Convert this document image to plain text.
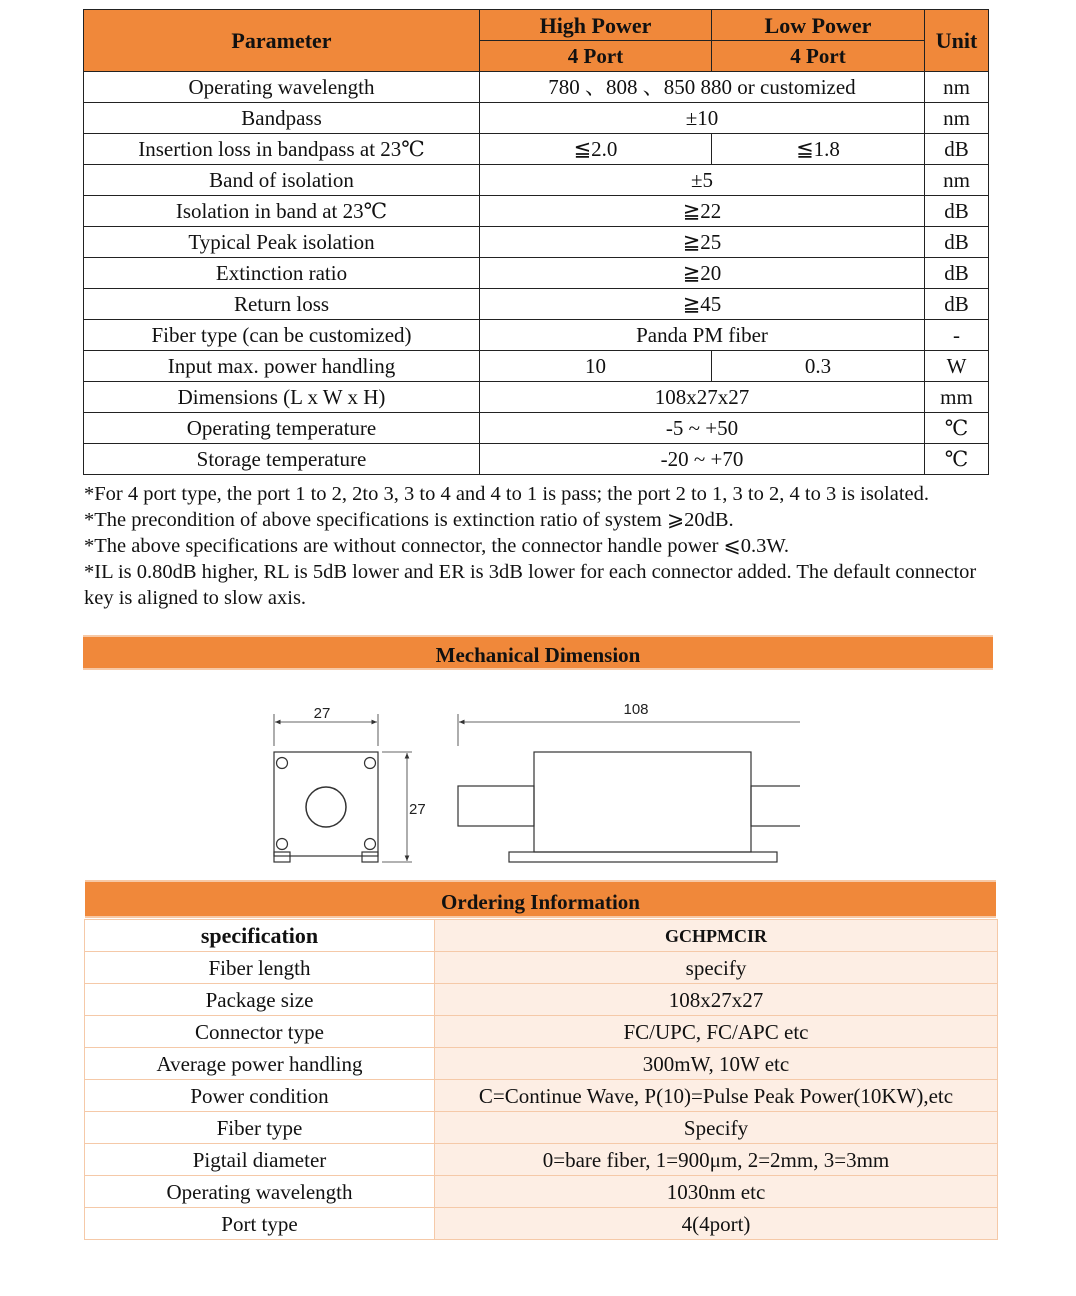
Parameter	High Power	Low Power	Unit
	4 Port	4 Port	
Operating wavelength	780 、808 、850 880 or customized		nm
Bandpass	±10		nm
Insertion loss in bandpass at 23℃	≦2.0	≦1.8	dB
Band of isolation	±5		nm
Isolation in band at 23℃	≧22		dB
Typical Peak isolation	≧25		dB
Extinction ratio	≧20		dB
Return loss	≧45		dB
Fiber type (can be customized)	Panda PM fiber		-
Input max. power handling	10	0.3	W
Dimensions (L x W x H)	108x27x27		mm
Operating temperature	-5 ~ +50		℃
Storage temperature	-20 ~ +70		℃

*For 4 port type, the port 1 to 2, 2to 3, 3 to 4 and 4 to 1 is pass; the port 2 to 1, 3 to 2, 4 to 3 is isolated.

*The precondition of above specifications is extinction ratio of system ⩾20dB.

*The above specifications are without connector, the connector handle power ⩽0.3W.

*IL is 0.80dB higher, RL is 5dB lower and ER is 3dB lower for each connector added. The default connector key is aligned to slow axis.

Mechanical Dimension
27
27
108
Ordering Information
specification	GCHPMCIR
Fiber length	specify
Package size	108x27x27
Connector type	FC/UPC, FC/APC etc
Average power handling	300mW, 10W etc
Power condition	C=Continue Wave, P(10)=Pulse Peak Power(10KW),etc
Fiber type	Specify
Pigtail diameter	0=bare fiber, 1=900μm, 2=2mm, 3=3mm
Operating wavelength	1030nm etc
Port type	4(4port)
